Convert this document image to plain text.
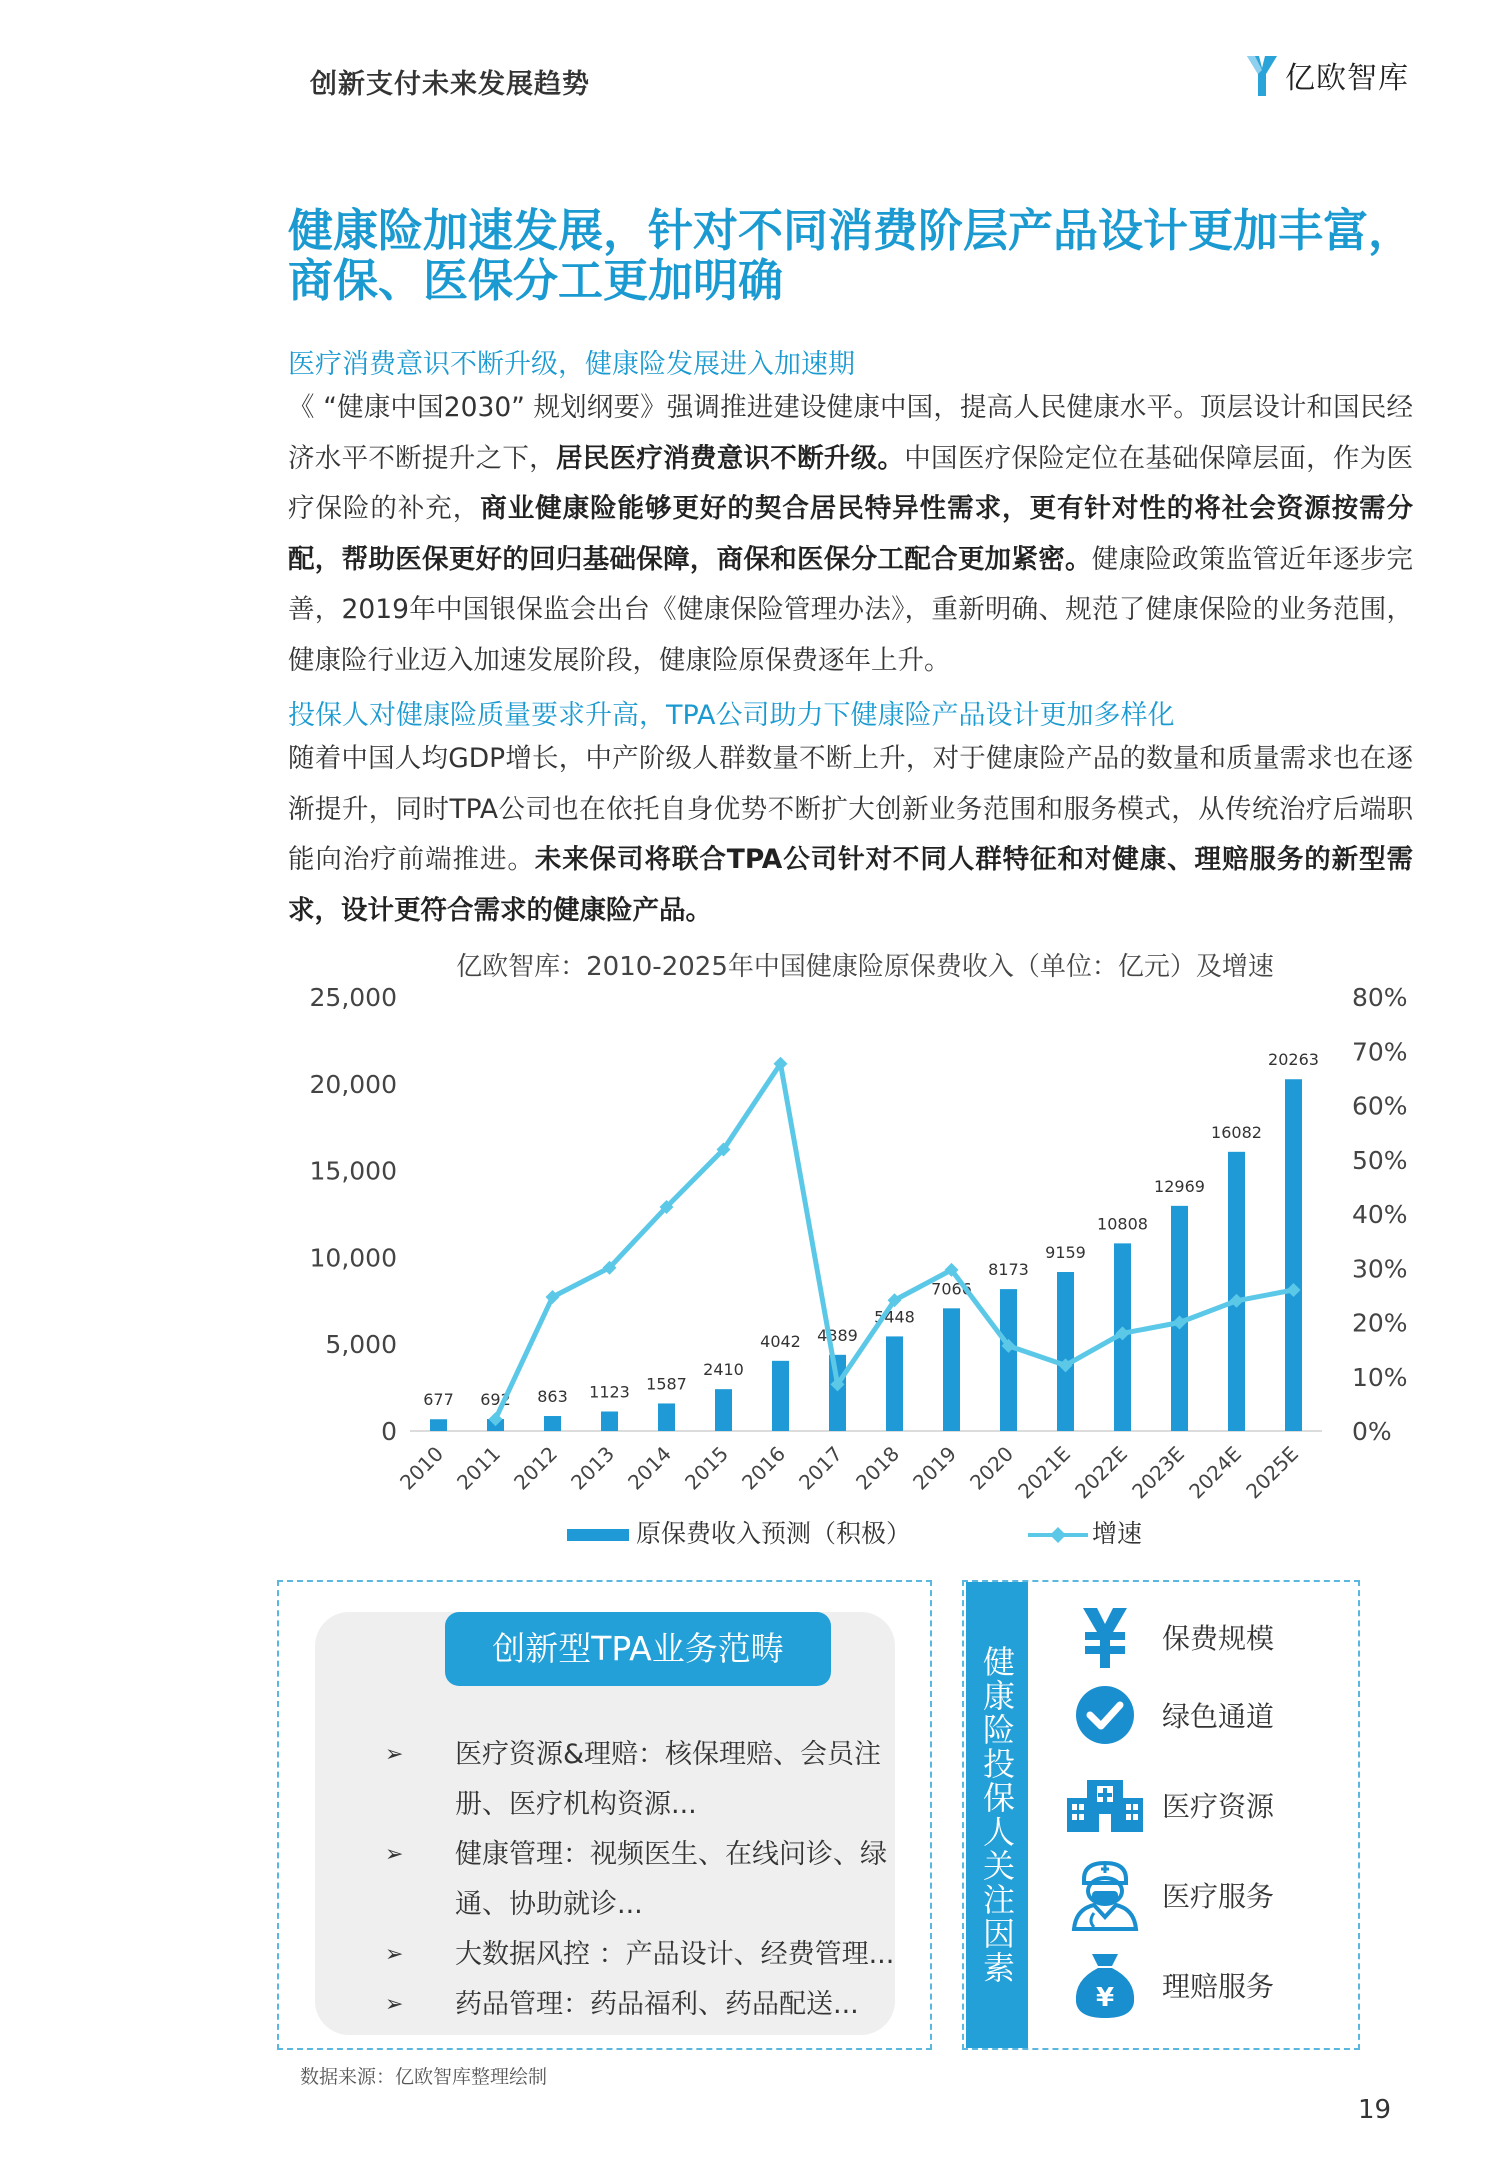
创新支付未来发展趋势	亿欧智库
健康险加速发展，针对不同消费阶层产品设计更加丰富，
商保、医保分工更加明确
医疗消费意识不断升级，健康险发展进入加速期

《 “健康中国2030” 规划纲要》强调推进建设健康中国，提高人民健康水平。顶层设计和国民经济水平不断提升之下，居民医疗消费意识不断升级。中国医疗保险定位在基础保障层面，作为医疗保险的补充，商业健康险能够更好的契合居民特异性需求，更有针对性的将社会资源按需分配，帮助医保更好的回归基础保障，商保和医保分工配合更加紧密。健康险政策监管近年逐步完善，2019年中国银保监会出台《健康保险管理办法》，重新明确、规范了健康保险的业务范围，健康险行业迈入加速发展阶段，健康险原保费逐年上升。

投保人对健康险质量要求升高，TPA公司助力下健康险产品设计更加多样化

随着中国人均GDP增长，中产阶级人群数量不断上升，对于健康险产品的数量和质量需求也在逐渐提升，同时TPA公司也在依托自身优势不断扩大创新业务范围和服务模式，从传统治疗后端职能向治疗前端推进。未来保司将联合TPA公司针对不同人群特征和对健康、理赔服务的新型需求，设计更符合需求的健康险产品。

亿欧智库：2010-2025年中国健康险原保费收入（单位：亿元）及增速
0
5,000
10,000
15,000
20,000
25,000
0%
10%
20%
30%
40%
50%
60%
70%
80%
2010 2011 2012 2013 2014 2015 2016 2017 2018 2019 2020
2021E
2022E
2023E
2024E
2025E
677 692 863 1123 1587
2410
4042 4389
5448
7066
8173
9159
10808
12969
16082
20263
原保费收入预测（积极）	增速
创新型TPA业务范畴
➢ 医疗资源&理赔：核保理赔、会员注册、医疗机构资源...
➢ 健康管理：视频医生、在线问诊、绿通、协助就诊...
➢ 大数据风控 ：产品设计、经费管理...
➢ 药品管理：药品福利、药品配送...
健康险投保人关注因素
保费规模
绿色通道
医疗资源
医疗服务
¥ 理赔服务
数据来源：亿欧智库整理绘制
19
